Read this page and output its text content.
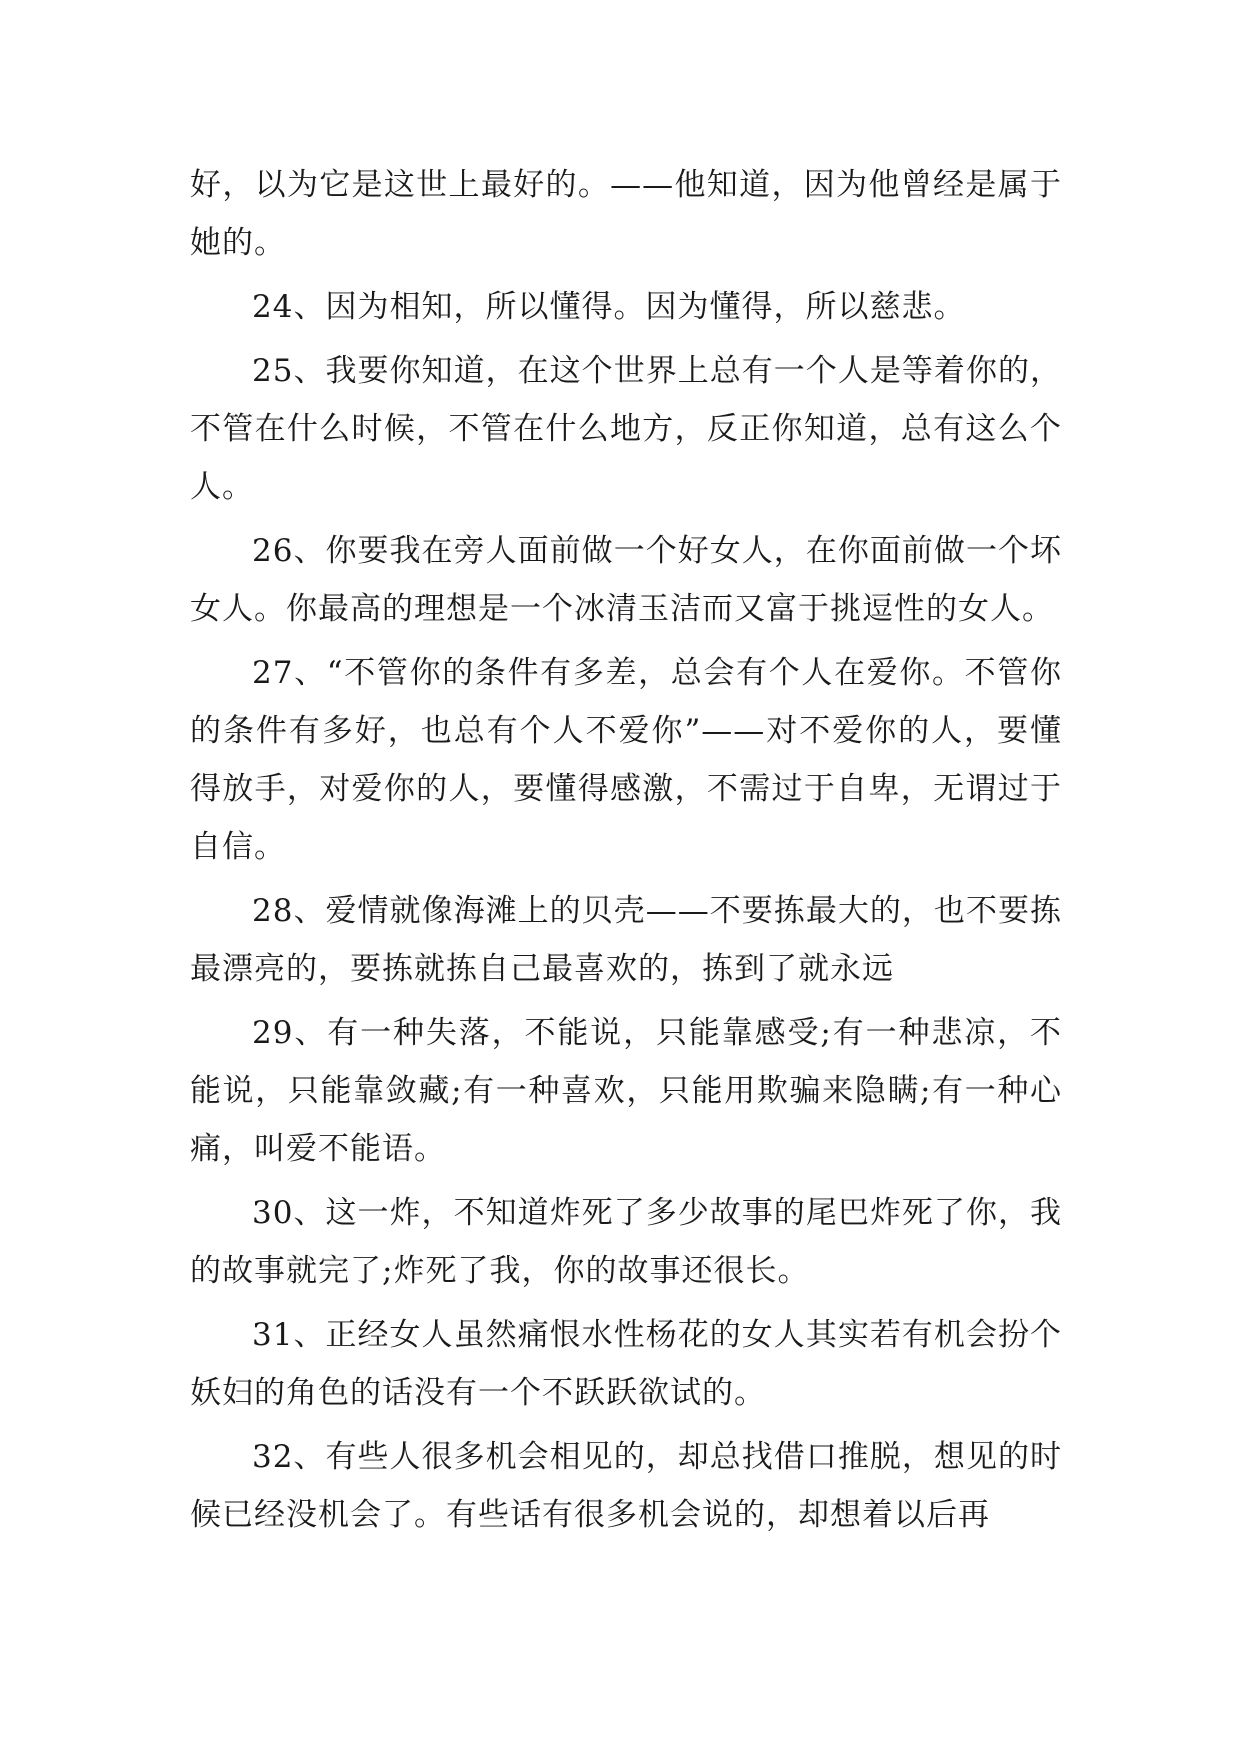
好，以为它是这世上最好的。——他知道，因为他曾经是属于她的。

24、因为相知，所以懂得。因为懂得，所以慈悲。

25、我要你知道，在这个世界上总有一个人是等着你的，不管在什么时候，不管在什么地方，反正你知道，总有这么个人。

26、你要我在旁人面前做一个好女人，在你面前做一个坏女人。你最高的理想是一个冰清玉洁而又富于挑逗性的女人。

27、“不管你的条件有多差，总会有个人在爱你。不管你的条件有多好，也总有个人不爱你”——对不爱你的人，要懂得放手，对爱你的人，要懂得感激，不需过于自卑，无谓过于自信。

28、爱情就像海滩上的贝壳——不要拣最大的，也不要拣最漂亮的，要拣就拣自己最喜欢的，拣到了就永远

29、有一种失落，不能说，只能靠感受;有一种悲凉，不能说，只能靠敛藏;有一种喜欢，只能用欺骗来隐瞒;有一种心痛，叫爱不能语。

30、这一炸，不知道炸死了多少故事的尾巴炸死了你，我的故事就完了;炸死了我，你的故事还很长。

31、正经女人虽然痛恨水性杨花的女人其实若有机会扮个妖妇的角色的话没有一个不跃跃欲试的。

32、有些人很多机会相见的，却总找借口推脱，想见的时候已经没机会了。有些话有很多机会说的，却想着以后再
